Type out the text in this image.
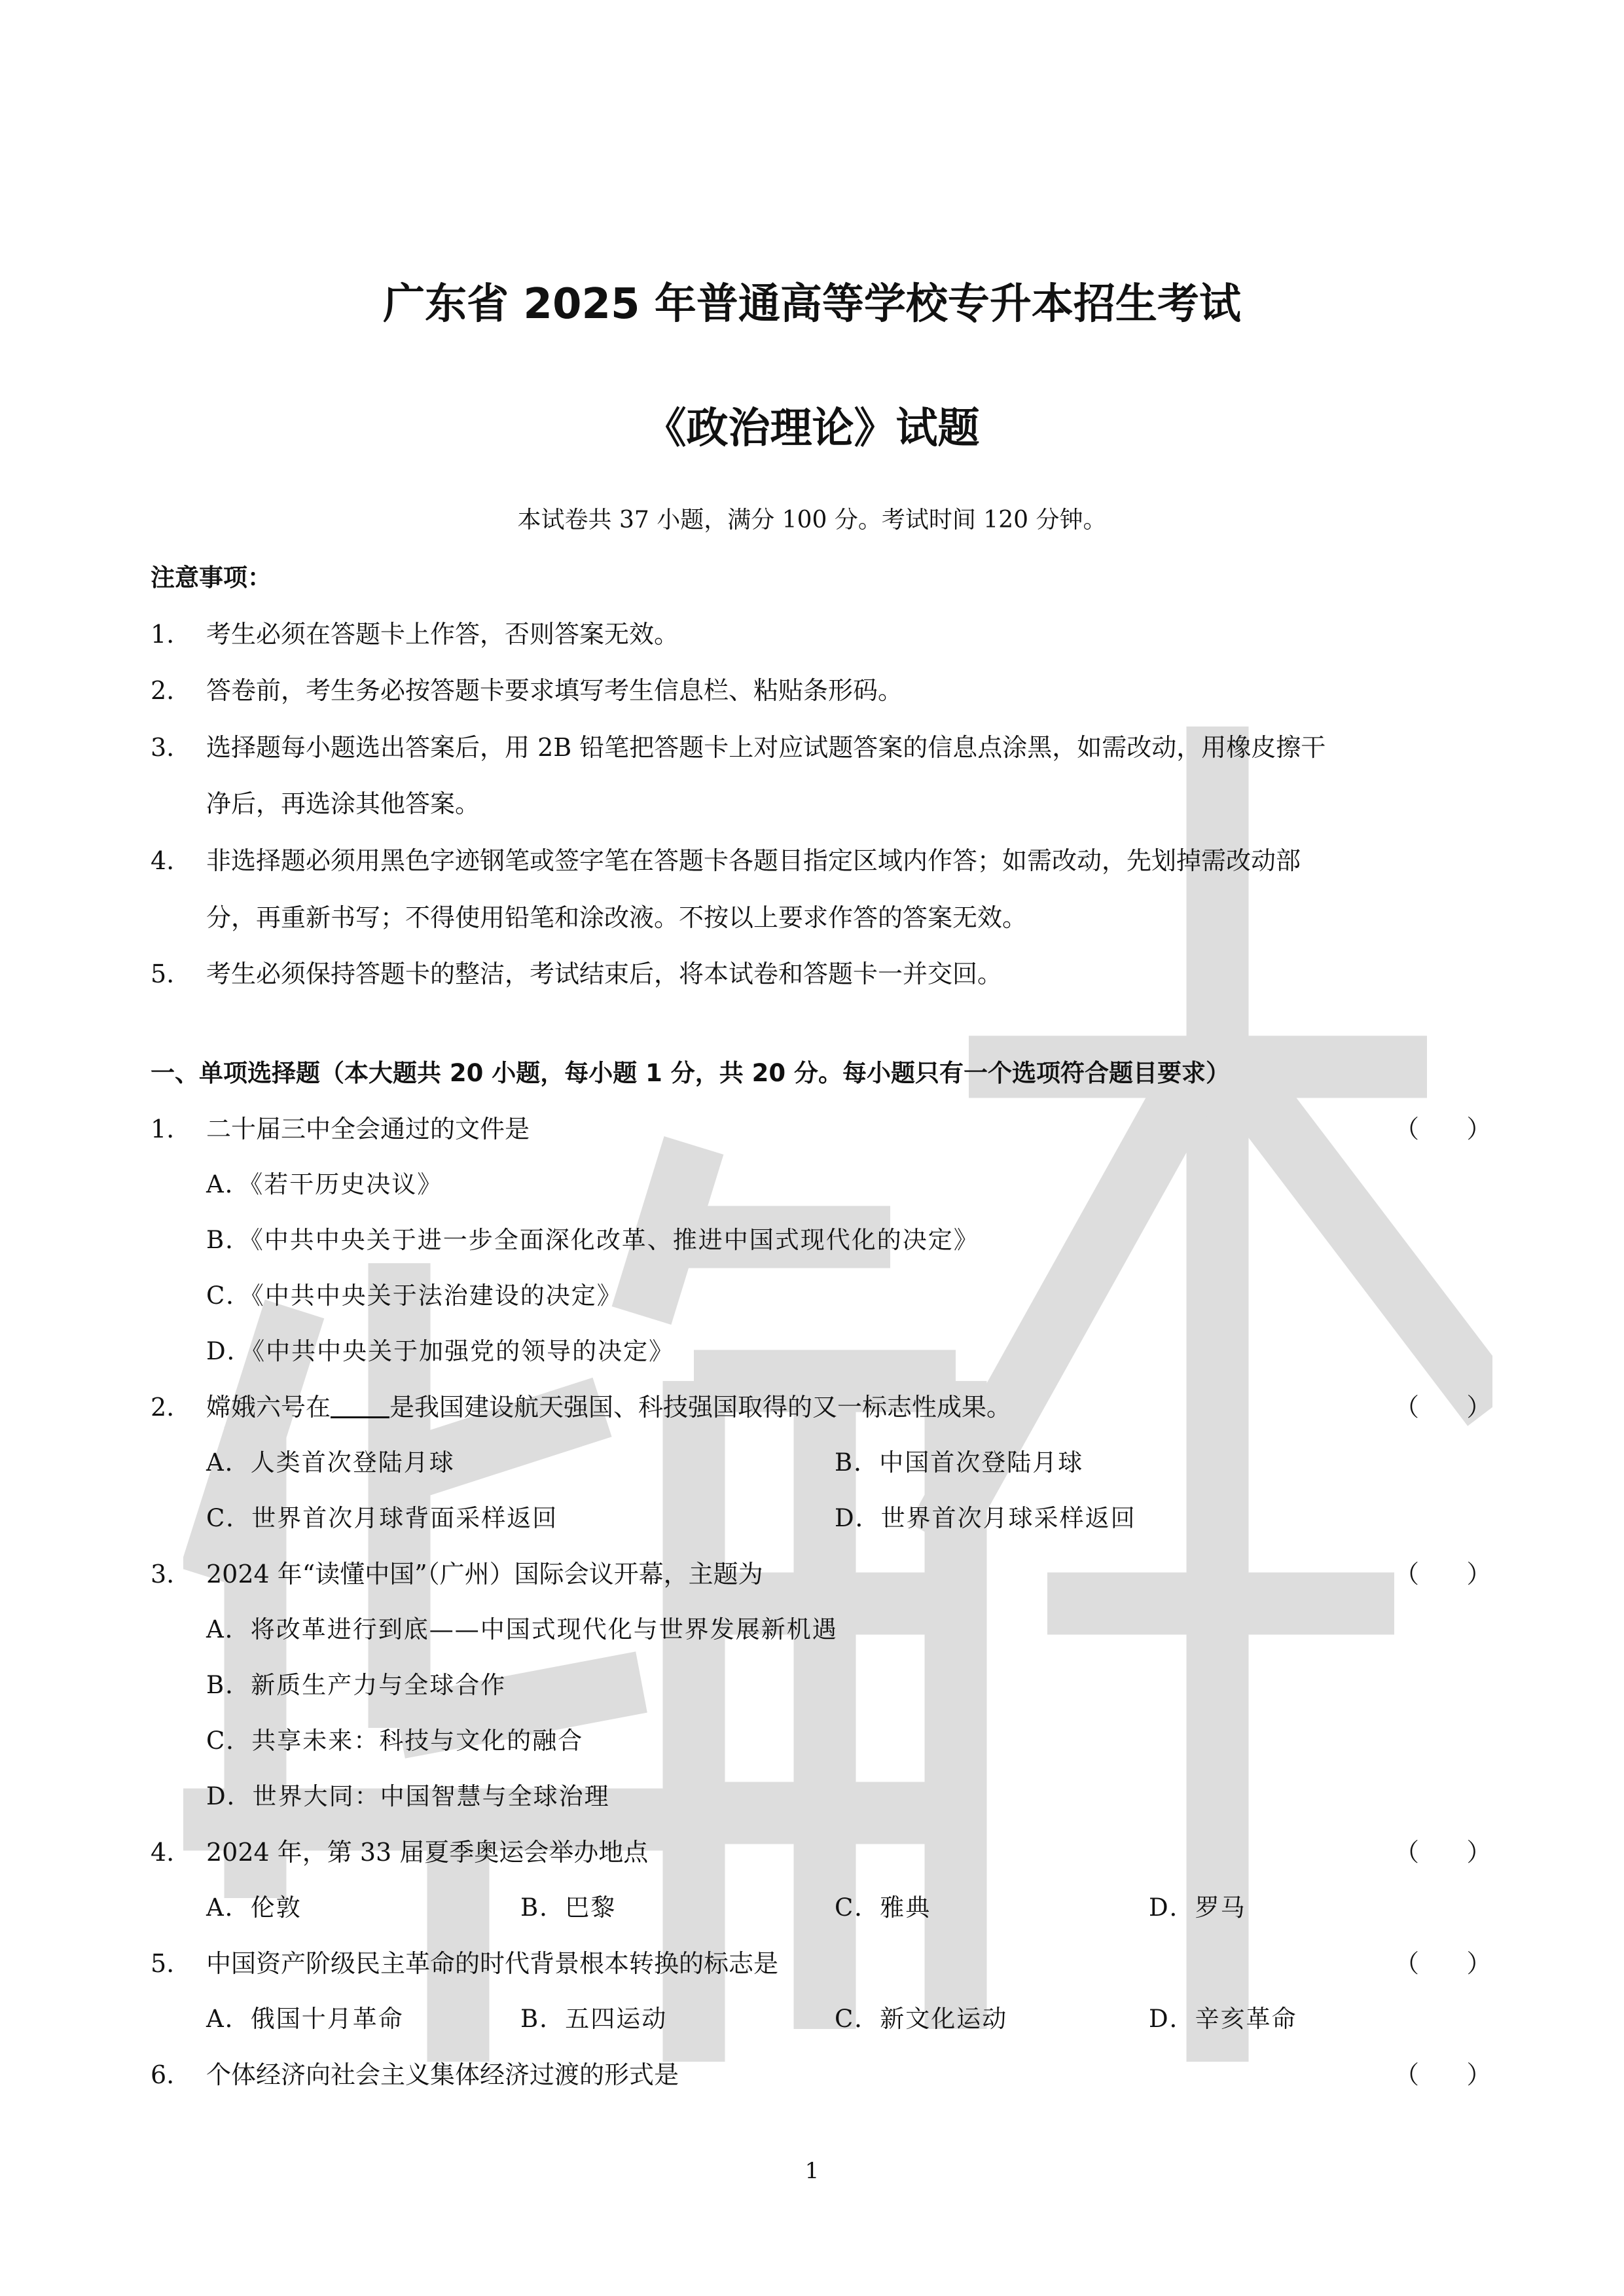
广东省 2025 年普通高等学校专升本招生考试
《政治理论》试题
本试卷共 37 小题，满分 100 分。考试时间 120 分钟。
注意事项：
1. 考生必须在答题卡上作答，否则答案无效。
2. 答卷前，考生务必按答题卡要求填写考生信息栏、粘贴条形码。
3. 选择题每小题选出答案后，用 2B 铅笔把答题卡上对应试题答案的信息点涂黑，如需改动，用橡皮擦干
净后，再选涂其他答案。
4. 非选择题必须用黑色字迹钢笔或签字笔在答题卡各题目指定区域内作答；如需改动，先划掉需改动部
分，再重新书写；不得使用铅笔和涂改液。不按以上要求作答的答案无效。
5. 考生必须保持答题卡的整洁，考试结束后，将本试卷和答题卡一并交回。
一、单项选择题（本大题共 20 小题，每小题 1 分，共 20 分。每小题只有一个选项符合题目要求）
1. 二十届三中全会通过的文件是	（      ）
A．《若干历史决议》
B．《中共中央关于进一步全面深化改革、推进中国式现代化的决定》
C．《中共中央关于法治建设的决定》
D．《中共中央关于加强党的领导的决定》
2. 嫦娥六号在 是我国建设航天强国、科技强国取得的又一标志性成果。	（      ）
A．人类首次登陆月球	B．中国首次登陆月球
C．世界首次月球背面采样返回	D．世界首次月球采样返回
3. 2024 年“读懂中国”（广州）国际会议开幕，主题为	（      ）
A．将改革进行到底——中国式现代化与世界发展新机遇
B．新质生产力与全球合作
C．共享未来：科技与文化的融合
D．世界大同：中国智慧与全球治理
4. 2024 年，第 33 届夏季奥运会举办地点	（      ）
A．伦敦	B．巴黎	C．雅典	D．罗马
5. 中国资产阶级民主革命的时代背景根本转换的标志是	（      ）
A．俄国十月革命	B．五四运动	C．新文化运动	D．辛亥革命
6. 个体经济向社会主义集体经济过渡的形式是	（      ）
1
